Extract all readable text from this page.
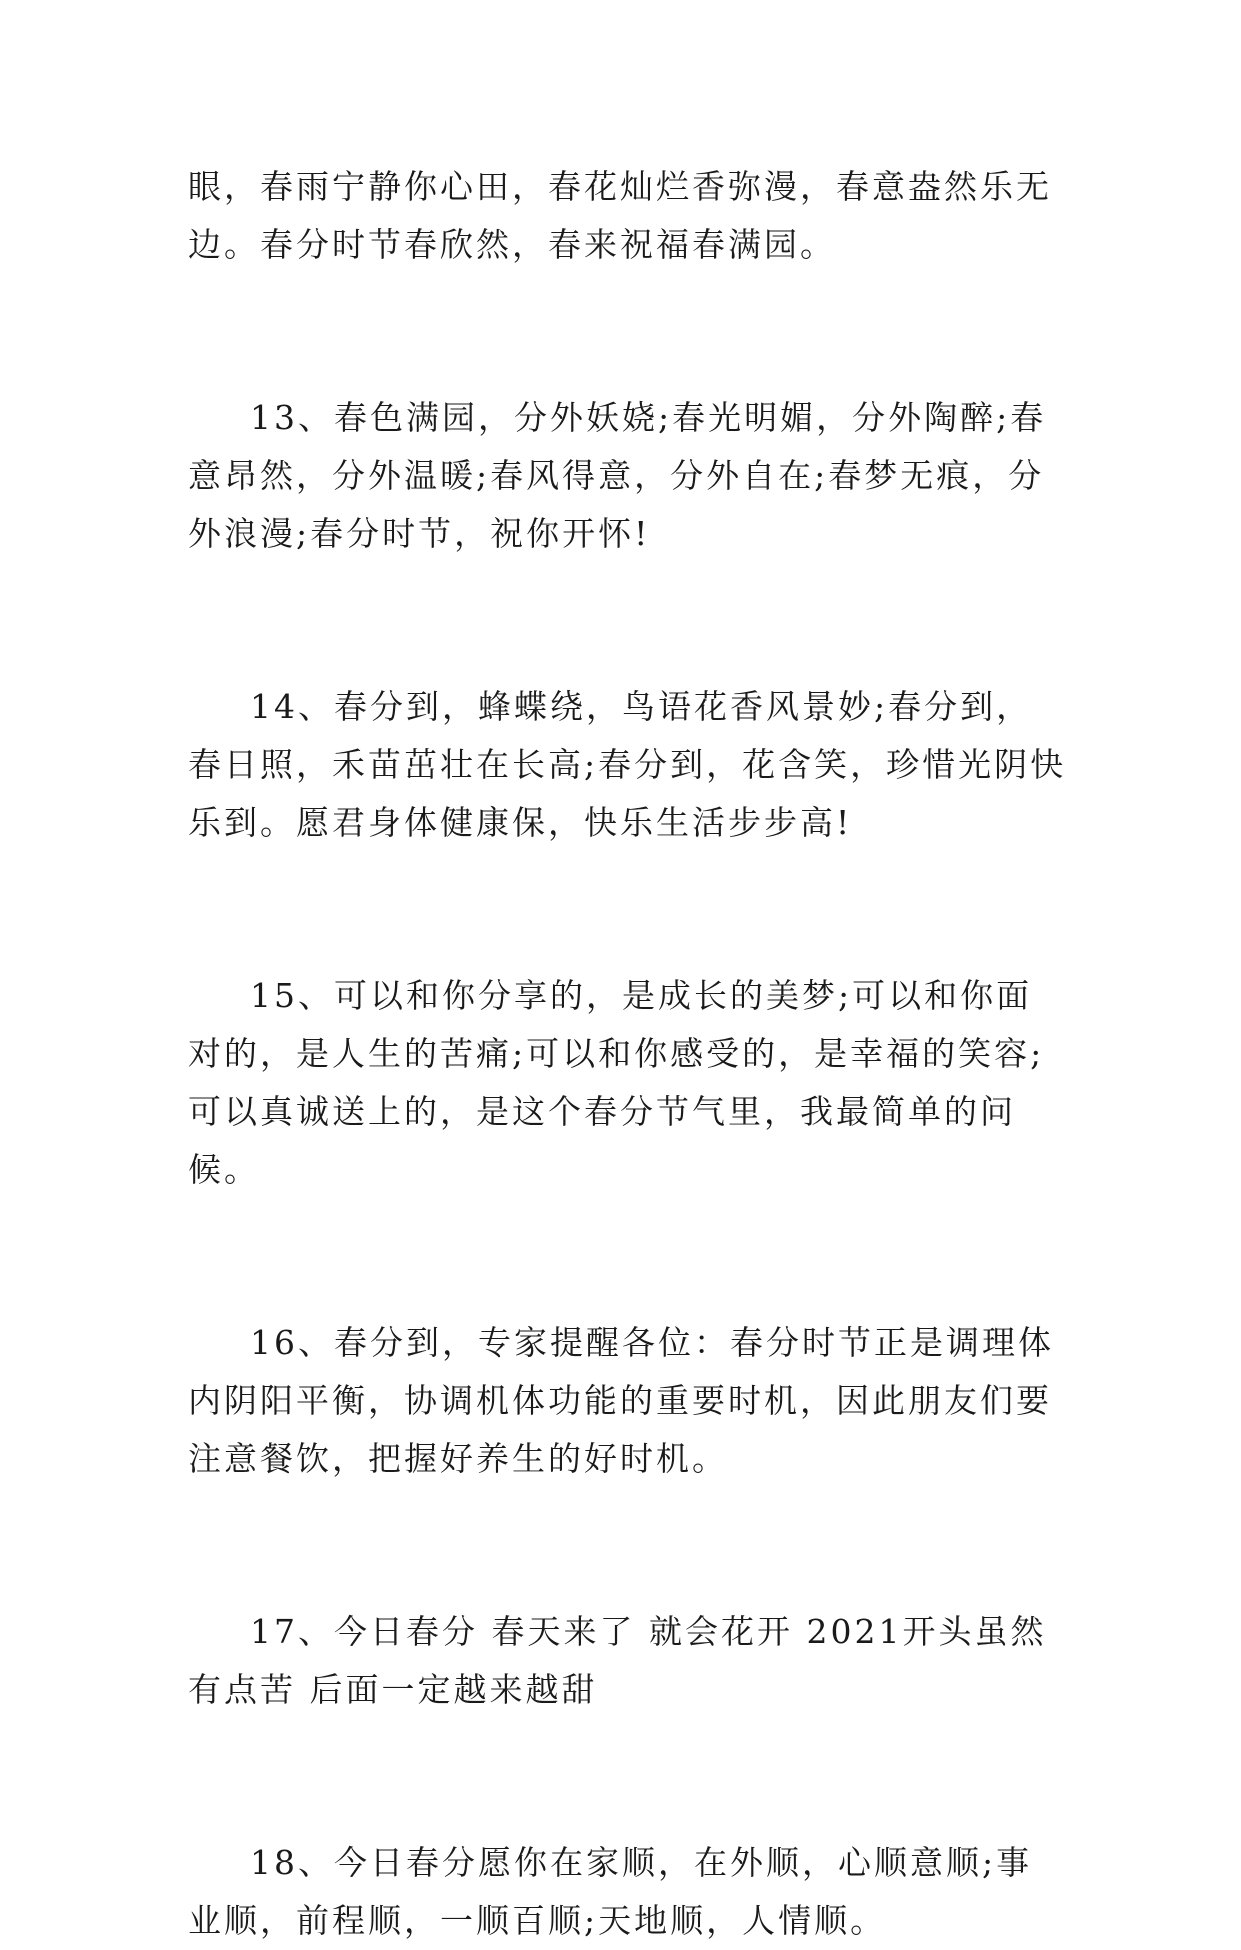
眼，春雨宁静你心田，春花灿烂香弥漫，春意盎然乐无边。春分时节春欣然，春来祝福春满园。

13、春色满园，分外妖娆;春光明媚，分外陶醉;春意昂然，分外温暖;春风得意，分外自在;春梦无痕，分外浪漫;春分时节，祝你开怀!

14、春分到，蜂蝶绕，鸟语花香风景妙;春分到，春日照，禾苗茁壮在长高;春分到，花含笑，珍惜光阴快乐到。愿君身体健康保，快乐生活步步高!

15、可以和你分享的，是成长的美梦;可以和你面对的，是人生的苦痛;可以和你感受的，是幸福的笑容;可以真诚送上的，是这个春分节气里，我最简单的问候。

16、春分到，专家提醒各位：春分时节正是调理体内阴阳平衡，协调机体功能的重要时机，因此朋友们要注意餐饮，把握好养生的好时机。

17、今日春分 春天来了 就会花开 2021开头虽然有点苦 后面一定越来越甜

18、今日春分愿你在家顺，在外顺，心顺意顺;事业顺，前程顺，一顺百顺;天地顺，人情顺。
